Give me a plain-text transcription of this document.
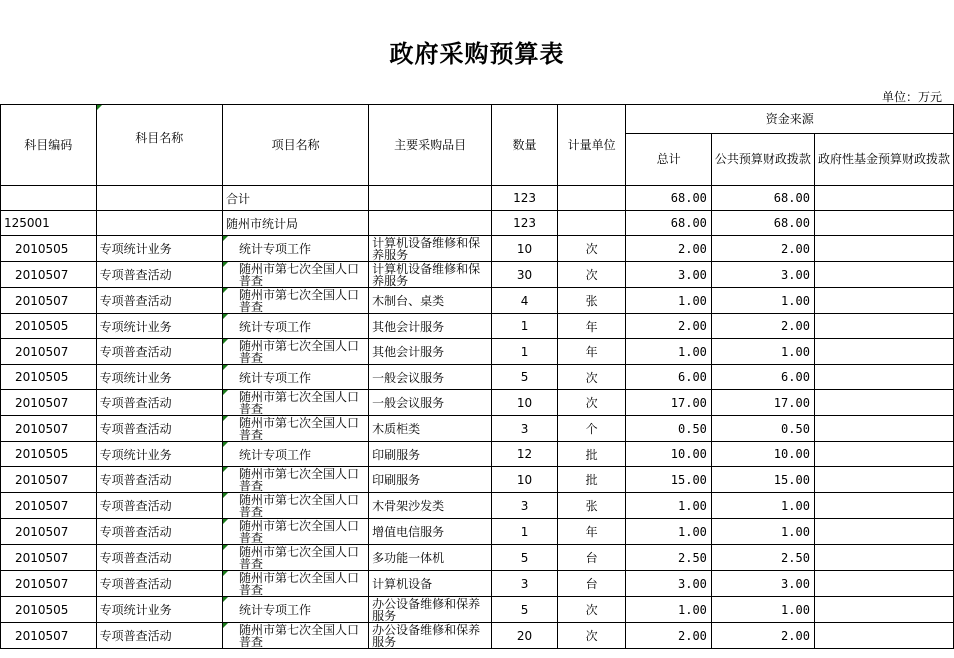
政府采购预算表
单位：万元
科目编码	科目名称	项目名称	主要采购品目	数量	计量单位	资金来源		
						总计	公共预算财政拨款	政府性基金预算财政拨款

		合计		123		68.00	68.00	
125001		随州市统计局		123		68.00	68.00	
2010505	专项统计业务	统计专项工作	计算机设备维修和保养服务	10	次	2.00	2.00	
2010507	专项普查活动	随州市第七次全国人口普查	计算机设备维修和保养服务	30	次	3.00	3.00	
2010507	专项普查活动	随州市第七次全国人口普查	木制台、桌类	4	张	1.00	1.00	
2010505	专项统计业务	统计专项工作	其他会计服务	1	年	2.00	2.00	
2010507	专项普查活动	随州市第七次全国人口普查	其他会计服务	1	年	1.00	1.00	
2010505	专项统计业务	统计专项工作	一般会议服务	5	次	6.00	6.00	
2010507	专项普查活动	随州市第七次全国人口普查	一般会议服务	10	次	17.00	17.00	
2010507	专项普查活动	随州市第七次全国人口普查	木质柜类	3	个	0.50	0.50	
2010505	专项统计业务	统计专项工作	印刷服务	12	批	10.00	10.00	
2010507	专项普查活动	随州市第七次全国人口普查	印刷服务	10	批	15.00	15.00	
2010507	专项普查活动	随州市第七次全国人口普查	木骨架沙发类	3	张	1.00	1.00	
2010507	专项普查活动	随州市第七次全国人口普查	增值电信服务	1	年	1.00	1.00	
2010507	专项普查活动	随州市第七次全国人口普查	多功能一体机	5	台	2.50	2.50	
2010507	专项普查活动	随州市第七次全国人口普查	计算机设备	3	台	3.00	3.00	
2010505	专项统计业务	统计专项工作	办公设备维修和保养服务	5	次	1.00	1.00	
2010507	专项普查活动	随州市第七次全国人口普查	办公设备维修和保养服务	20	次	2.00	2.00	
